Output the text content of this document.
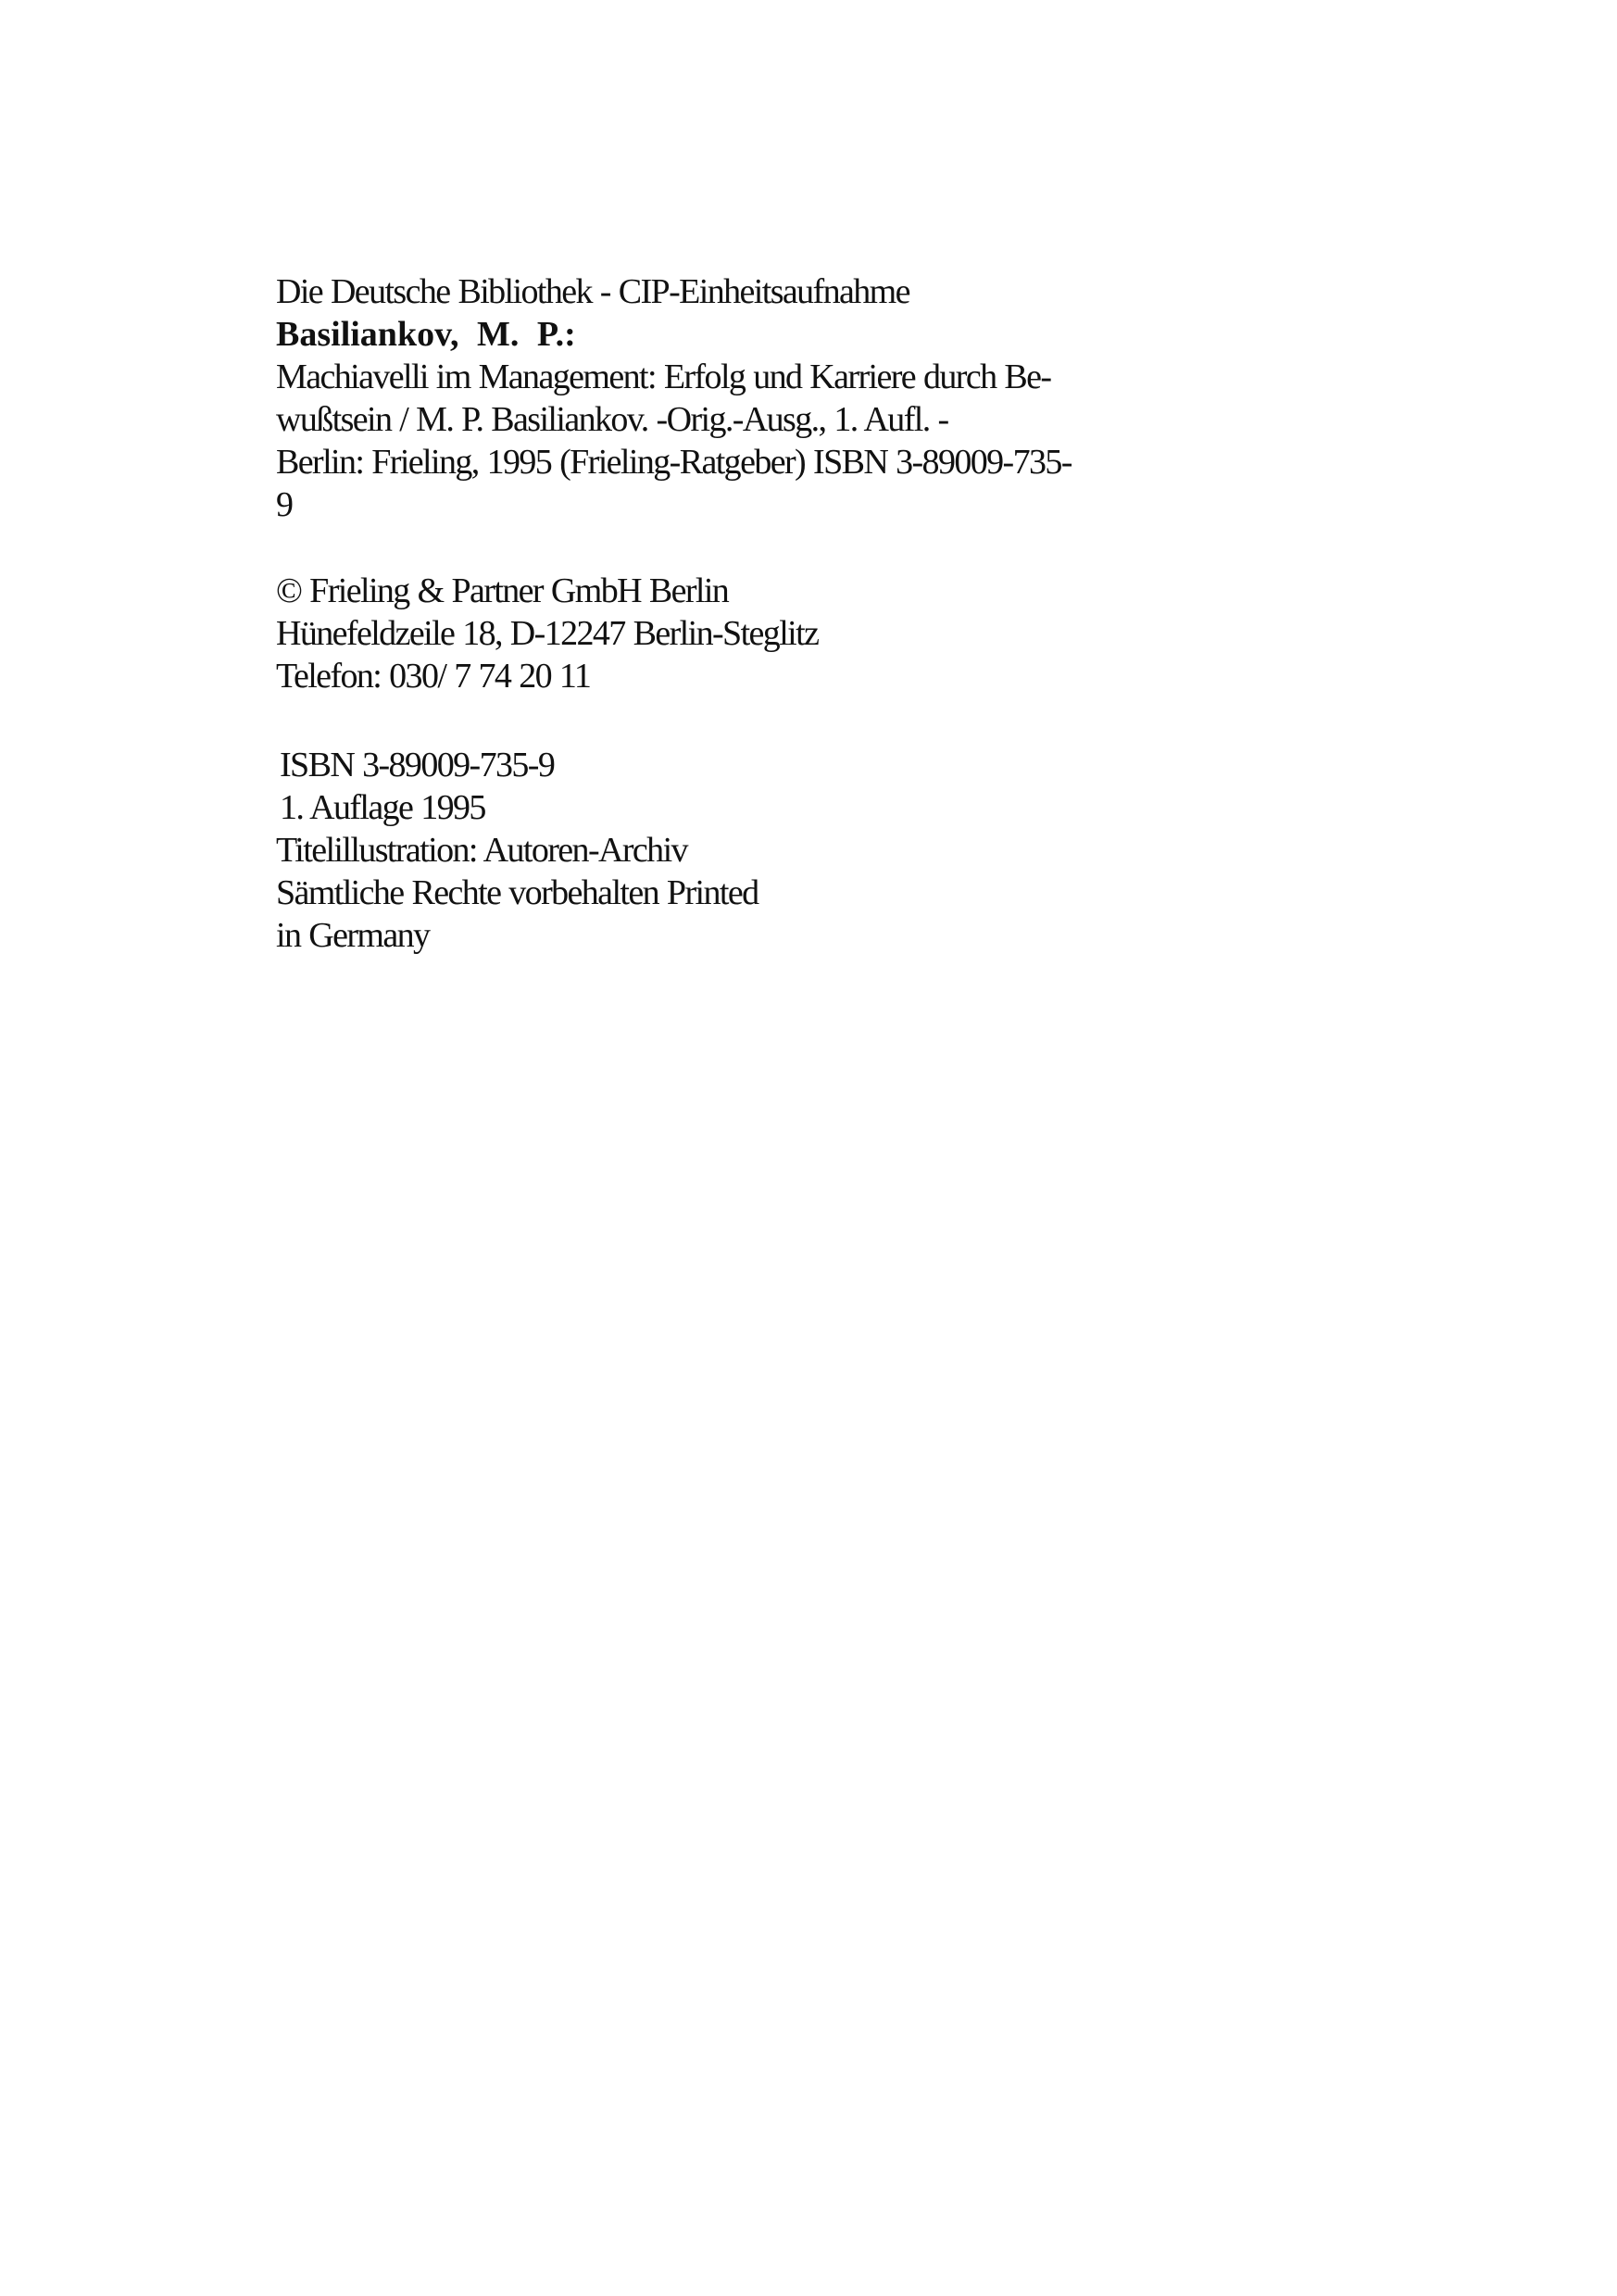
Die Deutsche Bibliothek - CIP-Einheitsaufnahme
Basiliankov, M. P.:
Machiavelli im Management: Erfolg und Karriere durch Be-
wußtsein / M. P. Basiliankov. -Orig.-Ausg., 1. Aufl. -
Berlin: Frieling, 1995 (Frieling-Ratgeber) ISBN 3-89009-735-
9
© Frieling & Partner GmbH Berlin
Hünefeldzeile 18, D-12247 Berlin-Steglitz
Telefon: 030/ 7 74 20 11
ISBN 3-89009-735-9
1. Auflage 1995
Titelillustration: Autoren-Archiv
Sämtliche Rechte vorbehalten Printed
in Germany
